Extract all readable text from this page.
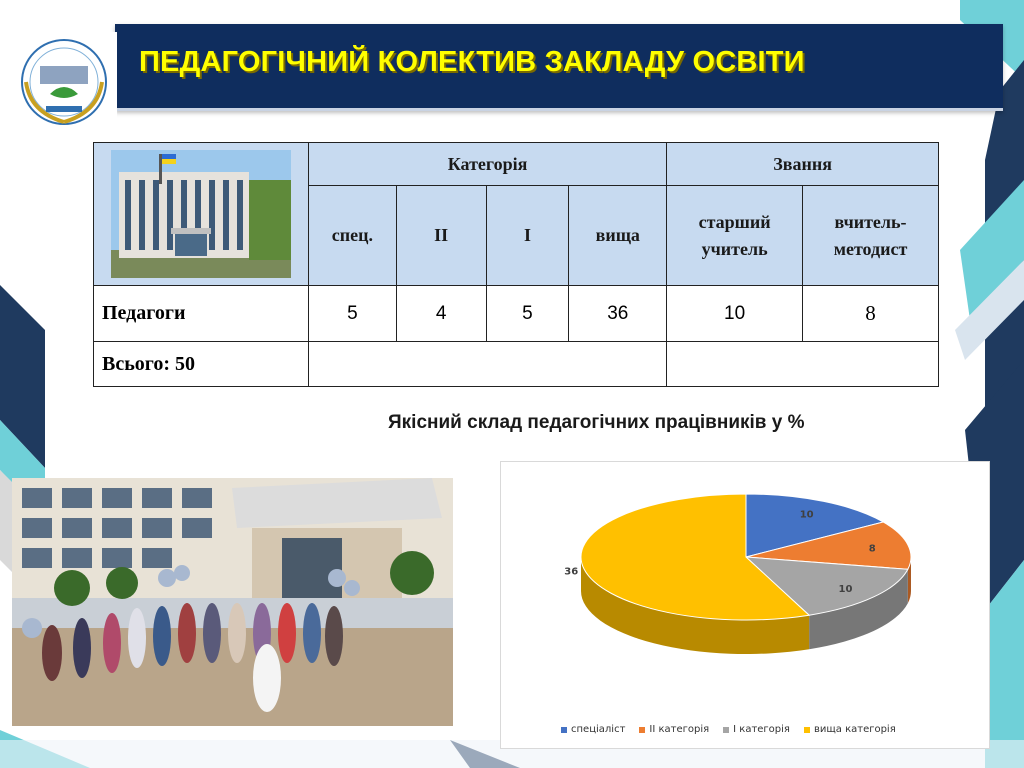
ПЕДАГОГІЧНИЙ КОЛЕКТИВ ЗАКЛАДУ ОСВІТИ
	Категорія				Звання	
	спец.	II	I	вища	старший учитель	вчитель-методист
Педагоги	5	4	5	36	10	8
Всього: 50						
Якісний склад педагогічних працівників у %
10
8
10
36
спеціаліст II категорія I категорія вища категорія
